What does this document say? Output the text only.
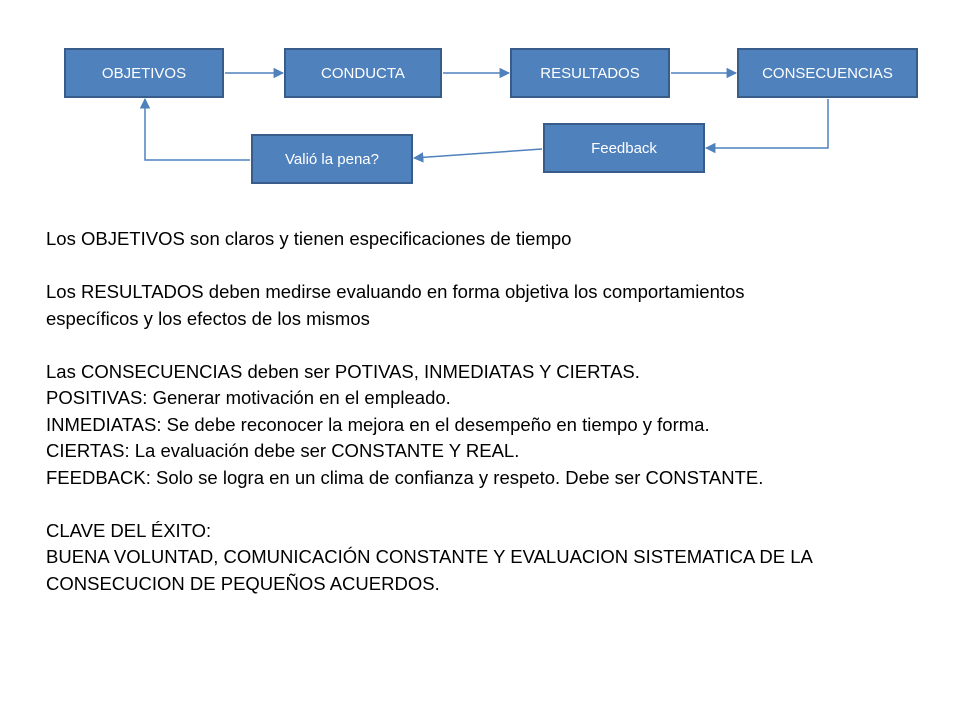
OBJETIVOS	CONDUCTA	RESULTADOS	CONSECUENCIAS
Feedback
Valió la pena?

Los OBJETIVOS son claros y tienen especificaciones de tiempo

Los RESULTADOS deben medirse evaluando en forma objetiva los comportamientos

específicos y los efectos de los mismos

Las CONSECUENCIAS deben ser POTIVAS, INMEDIATAS Y CIERTAS.

POSITIVAS: Generar motivación en el empleado.

INMEDIATAS: Se debe reconocer la mejora en el desempeño en tiempo y forma.

CIERTAS: La evaluación debe ser CONSTANTE Y REAL.

FEEDBACK: Solo se logra en un clima de confianza y respeto. Debe ser CONSTANTE.

CLAVE DEL ÉXITO:

BUENA VOLUNTAD, COMUNICACIÓN CONSTANTE Y EVALUACION SISTEMATICA DE LA

CONSECUCION DE PEQUEÑOS ACUERDOS.
